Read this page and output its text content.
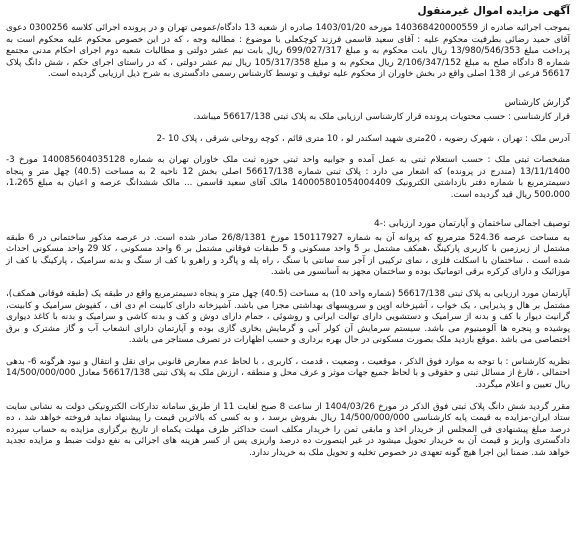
آگهی مزایده اموال غیرمنقول
بموجب اجرائیه صادره از 140368420000559 مورخه 1403/01/20 صادره از شعبه 13 دادگاه/عمومی تهران و در پرونده اجرائی کلاسه 0300256 دعوی آقای حمید رضائی بطرفیت محکوم علیه : آقای سعید قاسمی فرزند کوچکعلی با موضوع : مطالبه وجه ، که در این خصوص محکوم علیه محکوم است به پرداخت مبلغ 13/980/546/353 ریال بابت محکوم به و مبلغ 699/027/317 ریال بابت نیم عشر دولتی و مطالبات شعبه دوم اجرای احکام مدنی مجتمع شماره 8 دادگاه صلح به مبلغ 2/106/347/152 ریال محکوم به و مبلغ 105/317/358 ریال نیم عشر دولتی ، که در راستای اجرای حکم ، شش دانگ پلاک 56617 فرعی از 138 اصلی واقع در بخش خاوران از محکوم علیه توقیف و توسط کارشناس رسمی دادگستری به شرح ذیل ارزیابی گردیده است.
گزارش کارشناس
قرار کارشناسی : حسب محتویات پرونده قرار کارشناسی ارزیابی ملک به پلاک ثبتی 56617/138 میباشد.
آدرس ملک : تهران ، شهرک رضویه ، 20متری شهید اسکندر لو ، 10 متری قائم ، کوچه روحانی شرقی ، پلاک 10 -2
مشخصات ثبتی ملک : حسب استعلام ثبتی به عمل آمده و جوابیه واحد ثبتی حوزه ثبت ملک خاوران تهران به شماره 140085604035128 مورخ 3- 13/11/1400 (مندرج در پرونده) که اشعار می دارد : پلاک ثبتی شماره 56617/138 اصلی بخش 12 ناحیه 2 به مساحت (40.5) چهل متر و پنجاه دسیمترمربع با شماره دفتر بازداشتی الکترونیک 140005801054004409 مالک آقای سعید قاسمی ... مالک ششدانگ عرصه و اعیان به مبلغ 1،265، 500،000 ریال قید گردیده است.
توصیف اجمالی ساختمان و آپارتمان مورد ارزیابی :-4
به مساحت عرصه 524.36 مترمربع که پروانه آن به شماره 150117927 مورخ 26/8/1381 صادر شده است. در عرصه مذکور ساختمانی در 6 طبقه مشتمل از زیرزمین با کاربری پارکینگ ،همکف مشتمل بر 5 واحد مسکونی و 5 طبقات فوقانی مشتمل بر 6 واحد مسکونی ، کلا 29 واحد مسکونی احداث شده است . ساختمان با اسکلت فلزی ، نمای ترکیبی از آجر سه سانتی با سنگ ، راه پله و پاگرد و راهرو با کف از سنگ و بدنه سرامیک ، پارکینگ با کف از موزائیک و دارای کرکره برقی اتوماتیک بوده و ساختمان مجهز به آسانسور می باشد.
آپارتمان مورد ارزیابی به پلاک ثبتی 56617/138 (شماره واحد 10) به مساحت (40.5) چهل متر و پنجاه دسیمترمربع واقع در طبقه یک (طبقه فوقانی همکف)، مشتمل بر هال و پذیرایی ، یک خواب ، آشپزخانه اوپن و سرویسهای بهداشتی مجزا می باشد. آشپزخانه دارای کابینت ام دی اف ، کفپوش سرامیک و کابینت، گرانیت دیوار با کف و بدنه از سرامیک و دستشویی دارای توالت ایرانی و روشوئی ، حمام دارای دوش و کف و بدنه کاشی و سرامیک و بدنه با کاغذ دیواری پوشیده و پنجره ها آلومینیوم می باشد. سیستم سرمایش آن کولر آبی و گرمایش بخاری گازی بوده و آپارتمان دارای انشعاب آب و گاز مشترک و برق اختصاصی می باشد .موقع بازدید ملک بصورت مسکونی در حال بهره برداری و حسب اظهارات در تصرف مستاجر می باشد.
نظریه کارشناس : با توجه به موارد فوق الذکر ، موقعیت ، وضعیت ، قدمت ، کاربری ، با لحاظ عدم معارض قانونی برای نقل و انتقال و نبود هرگونه 6- بدهی احتمالی ، فارغ از مسائل ثبتی و حقوقی و با لحاظ جمیع جهات موثر و عرف محل و منطقه ، ارزش ملک به پلاک ثبتی 56617/138 معادل 14/500/000/000 ریال تعیین و اعلام میگردد.
مقرر گردید شش دانگ پلاک ثبتی فوق الذکر در مورخ 1404/03/26 از ساعت 8 صبح لغایت 11 از طریق سامانه تدارکات الکترونیکی دولت به نشانی سایت ستاد ایران-مزایده به قیمت پایه کارشناسی 14/500/000/000 ریال بفروش برسد ، و به کسی که بالاترین قیمت را پیشنهاد نماید فروخته خواهد شد ، ده درصد مبلغ پیشنهادی فی المجلس از خریدار اخذ و مابقی ثمن را خریدار مکلف است حداکثر ظرف مهلت یکماه از تاریخ برگزاری مزایده به حساب سپرده دادگستری واریز و قیمت آن به خریدار تحویل میشود در غیر اینصورت ده درصد واریزی پس از کسر هزینه های اجرائی به نفع دولت ضبط و مزایده تجدید خواهد شد. ضمنا این اجرا هیچ گونه تعهدی در خصوص تخلیه و تحویل ملک به خریدار ندارد.
